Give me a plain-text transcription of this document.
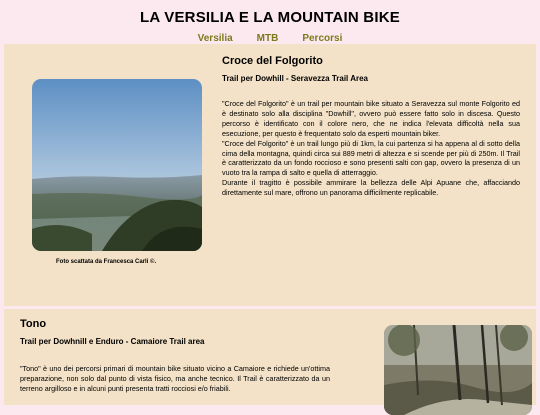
LA VERSILIA E LA MOUNTAIN BIKE
Versilia MTB Percorsi
Foto scattata da Francesca Carli ©.
Croce del Folgorito
Trail per Dowhill - Seravezza Trail Area

"Croce del Folgorito" è un trail per mountain bike situato a Seravezza sul monte Folgorito ed è destinato solo alla disciplina "Dowhill", ovvero può essere fatto solo in discesa. Questo percorso è identificato con il colore nero, che ne indica l'elevata difficoltà nella sua esecuzione, per questo è frequentato solo da esperti mountain biker.
"Croce del Folgorito" è un trail lungo più di 1km, la cui partenza si ha appena al di sotto della cima della montagna, quindi circa sui 889 metri di altezza e si scende per più di 250m. Il Trail è caratterizzato da un fondo roccioso e sono presenti salti con gap, ovvero la presenza di un vuoto tra la rampa di salto e quella di atterraggio.
Durante il tragitto è possibile ammirare la bellezza delle Alpi Apuane che, affacciando direttamente sul mare, offrono un panorama difficilmente replicabile.

Tono
Trail per Dowhnill e Enduro - Camaiore Trail area

"Tono" è uno dei percorsi primari di mountain bike situato vicino a Camaiore e richiede un'ottima preparazione, non solo dal punto di vista fisico, ma anche tecnico. Il Trail è caratterizzato da un terreno argilloso e in alcuni punti presenta tratti rocciosi e/o friabili.
